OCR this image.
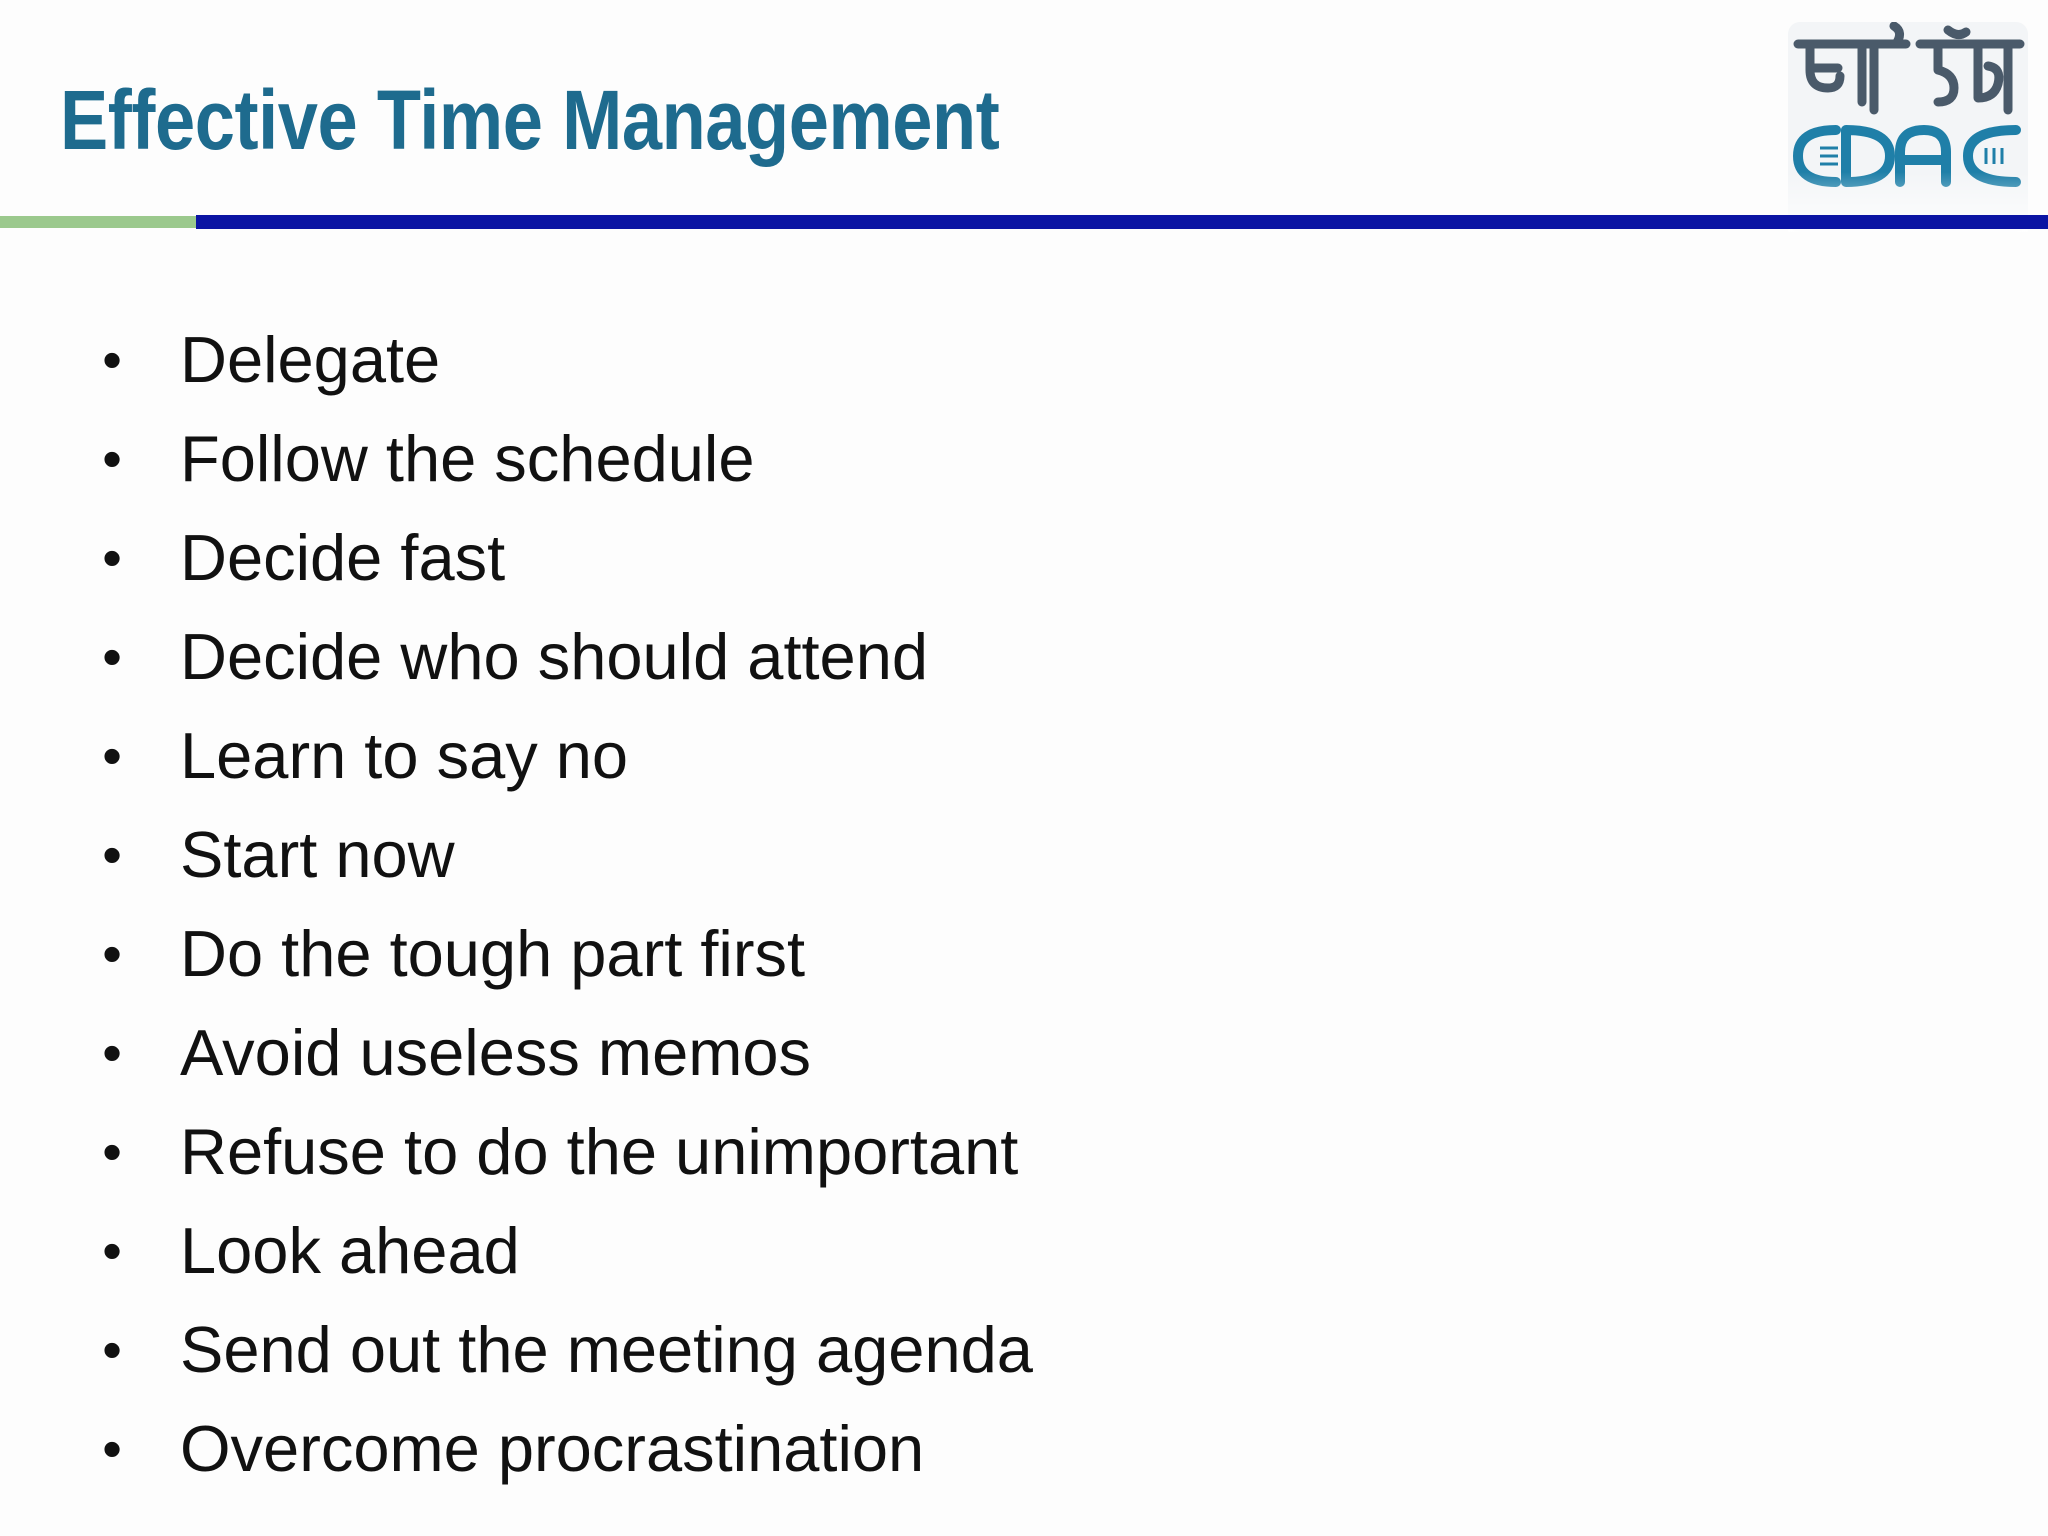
Effective Time Management
• Delegate
• Follow the schedule
• Decide fast
• Decide who should attend
• Learn to say no
• Start now
• Do the tough part first
• Avoid useless memos
• Refuse to do the unimportant
• Look ahead
• Send out the meeting agenda
• Overcome procrastination
